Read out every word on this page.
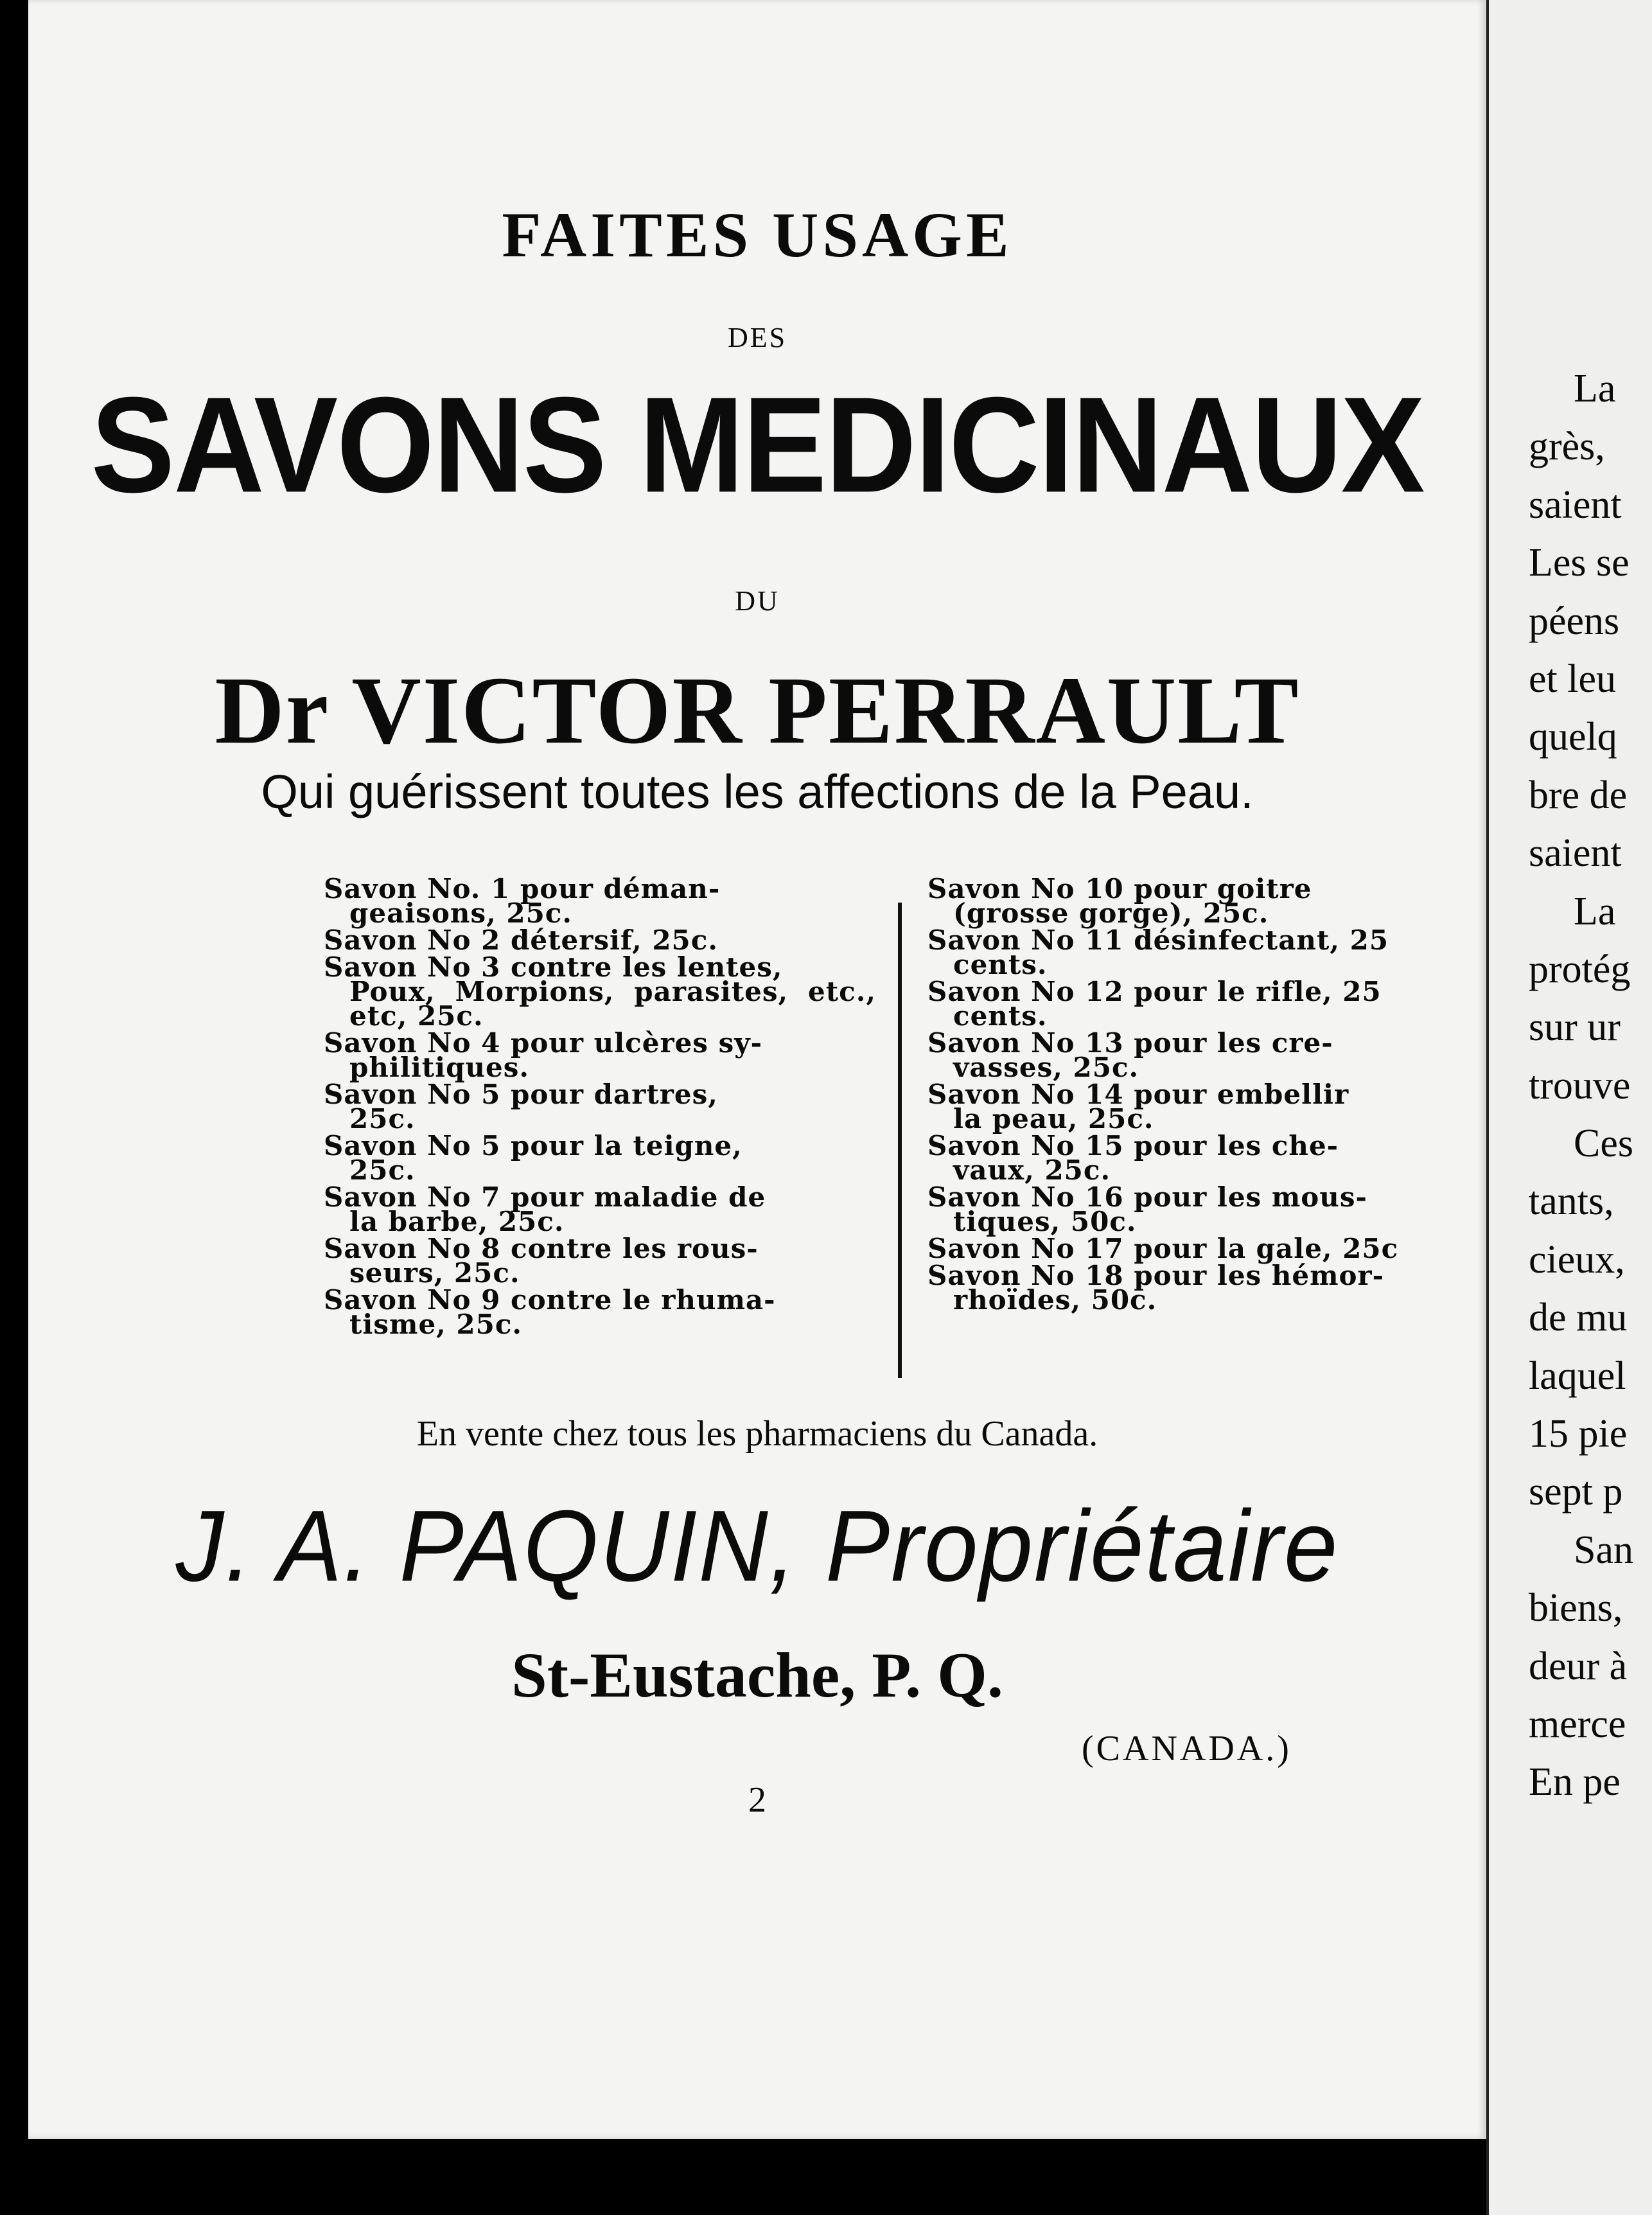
FAITES USAGE
DES
SAVONS MEDICINAUX
DU
Dr VICTOR PERRAULT
Qui guérissent toutes les affections de la Peau.
Savon No. 1 pour déman-
geaisons, 25c.
Savon No 2 détersif, 25c.
Savon No 3 contre les lentes,
Poux, Morpions, parasites, etc., etc, 25c.
Savon No 4 pour ulcères sy-
philitiques.
Savon No 5 pour dartres,
25c.
Savon No 5 pour la teigne,
25c.
Savon No 7 pour maladie de
la barbe, 25c.
Savon No 8 contre les rous-
seurs, 25c.
Savon No 9 contre le rhuma-
tisme, 25c.
Savon No 10 pour goitre
(grosse gorge), 25c.
Savon No 11 désinfectant, 25
cents.
Savon No 12 pour le rifle, 25
cents.
Savon No 13 pour les cre-
vasses, 25c.
Savon No 14 pour embellir
la peau, 25c.
Savon No 15 pour les che-
vaux, 25c.
Savon No 16 pour les mous-
tiques, 50c.
Savon No 17 pour la gale, 25c
Savon No 18 pour les hémor-
rhoïdes, 50c.
En vente chez tous les pharmaciens du Canada.
J. A. PAQUIN, Propriétaire
St-Eustache, P. Q.
(CANADA.)
2
La
grès,
saient
Les se
péens
et leu
quelq
bre de
saient
La
protég
sur ur
trouve
Ces
tants,
cieux,
de mu
laquel
15 pie
sept p
San
biens,
deur à
merce
En pe
